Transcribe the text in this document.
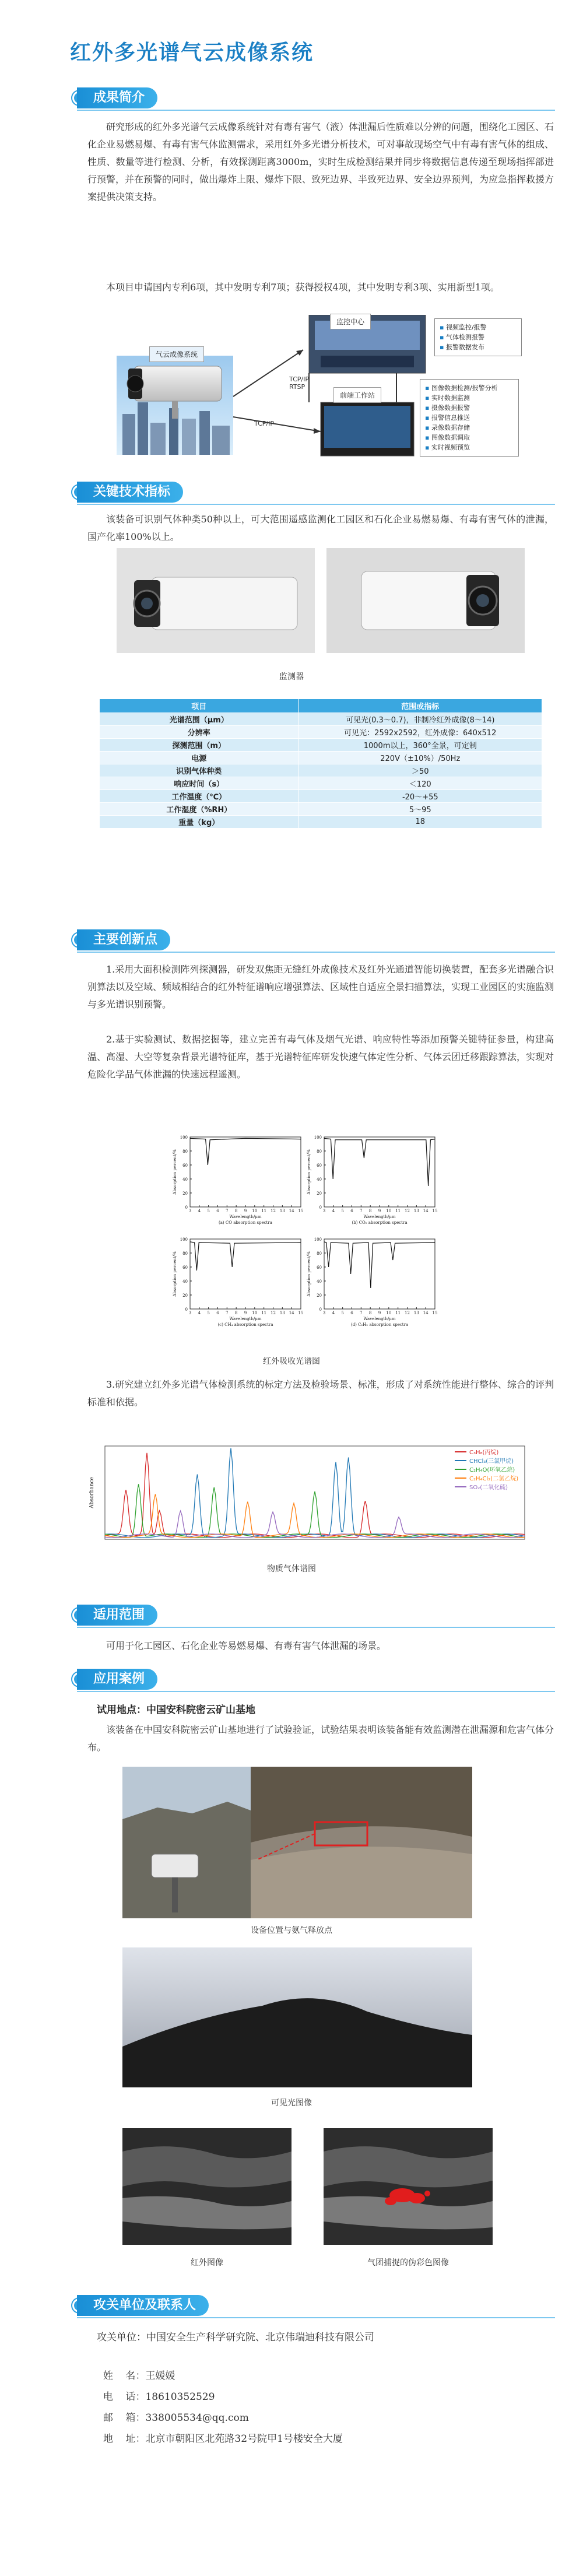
红外多光谱气云成像系统
成果简介
研究形成的红外多光谱气云成像系统针对有毒有害气（液）体泄漏后性质难以分辨的问题，围绕化工园区、石化企业易燃易爆、有毒有害气体监测需求，采用红外多光谱分析技术，可对事故现场空气中有毒有害气体的组成、性质、数量等进行检测、分析，有效探测距离3000m，实时生成检测结果并同步将数据信息传递至现场指挥部进行预警，并在预警的同时，做出爆炸上限、爆炸下限、致死边界、半致死边界、安全边界预判，为应急指挥救援方案提供决策支持。
本项目申请国内专利6项，其中发明专利7项；获得授权4项，其中发明专利3项、实用新型1项。
气云成像系统
监控中心
▪ 视频监控/报警
▪ 气体检测报警
▪ 报警数据发布
TCP/IP RTSP
TCP/IP
前端工作站
▪ 图像数据检测/报警分析
▪ 实时数据监测
▪ 摄像数据报警
▪ 报警信息推送
▪ 录像数据存储
▪ 图像数据调取
▪ 实时视频预览
关键技术指标
该装备可识别气体种类50种以上，可大范围遥感监测化工园区和石化企业易燃易爆、有毒有害气体的泄漏，国产化率100%以上。
监测器
项目	范围或指标
光谱范围（μm）	可见光(0.3～0.7)，非制冷红外成像(8～14)
分辨率	可见光：2592x2592，红外成像：640x512
探测范围（m）	1000m以上，360°全景，可定制
电源	220V（±10%）/50Hz
识别气体种类	＞50
响应时间（s）	＜120
工作温度（℃）	-20～+55
工作湿度（%RH）	5～95
重量（kg）	18
主要创新点
1.采用大面积检测阵列探测器，研发双焦距无缝红外成像技术及红外光通道智能切换装置，配套多光谱融合识别算法以及空域、频域相结合的红外特征谱响应增强算法、区域性自适应全景扫描算法，实现工业园区的实施监测与多光谱识别预警。
2.基于实验测试、数据挖掘等，建立完善有毒气体及烟气光谱、响应特性等添加预警关键特征参量，构建高温、高湿、大空等复杂背景光谱特征库，基于光谱特征库研发快速气体定性分析、气体云团迁移跟踪算法，实现对危险化学品气体泄漏的快速远程遥测。
0
20
40
60
80
100
3 4 5 6 7 8 9 10 11 12 13 14 15
Wavelength/μm
(a) CO absorption spectra
Absorption percent/%
0
20
40
60
80
100
3 4 5 6 7 8 9 10 11 12 13 14 15
Wavelength/μm
(b) CO₂ absorption spectra
Absorption percent/%
0
20
40
60
80
100
3 4 5 6 7 8 9 10 11 12 13 14 15
Wavelength/μm
(c) CH₄ absorption spectra
Absorption percent/%
0
20
40
60
80
100
3 4 5 6 7 8 9 10 11 12 13 14 15
Wavelength/μm
(d) C₂H₂ absorption spectra
Absorption percent/%
红外吸收光谱图
3.研究建立红外多光谱气体检测系统的标定方法及检验场景、标准，形成了对系统性能进行整体、综合的评判标准和依据。
Absorbance
C₃H₈(丙烷)
CHCl₃(三氯甲烷)
C₂H₄O(环氧乙烷)
C₂H₄Cl₂(二氯乙烷)
SO₂(二氧化硫)
物质气体谱图
适用范围
可用于化工园区、石化企业等易燃易爆、有毒有害气体泄漏的场景。
应用案例
试用地点：中国安科院密云矿山基地
该装备在中国安科院密云矿山基地进行了试验验证，试验结果表明该装备能有效监测潜在泄漏源和危害气体分布。
设备位置与氨气释放点
可见光图像
红外图像	气团捕捉的伪彩色图像
攻关单位及联系人
攻关单位：中国安全生产科学研究院、北京伟瑞迪科技有限公司

姓    名：王媛媛

电    话：18610352529

邮    箱：338005534@qq.com

地    址：北京市朝阳区北苑路32号院甲1号楼安全大厦
